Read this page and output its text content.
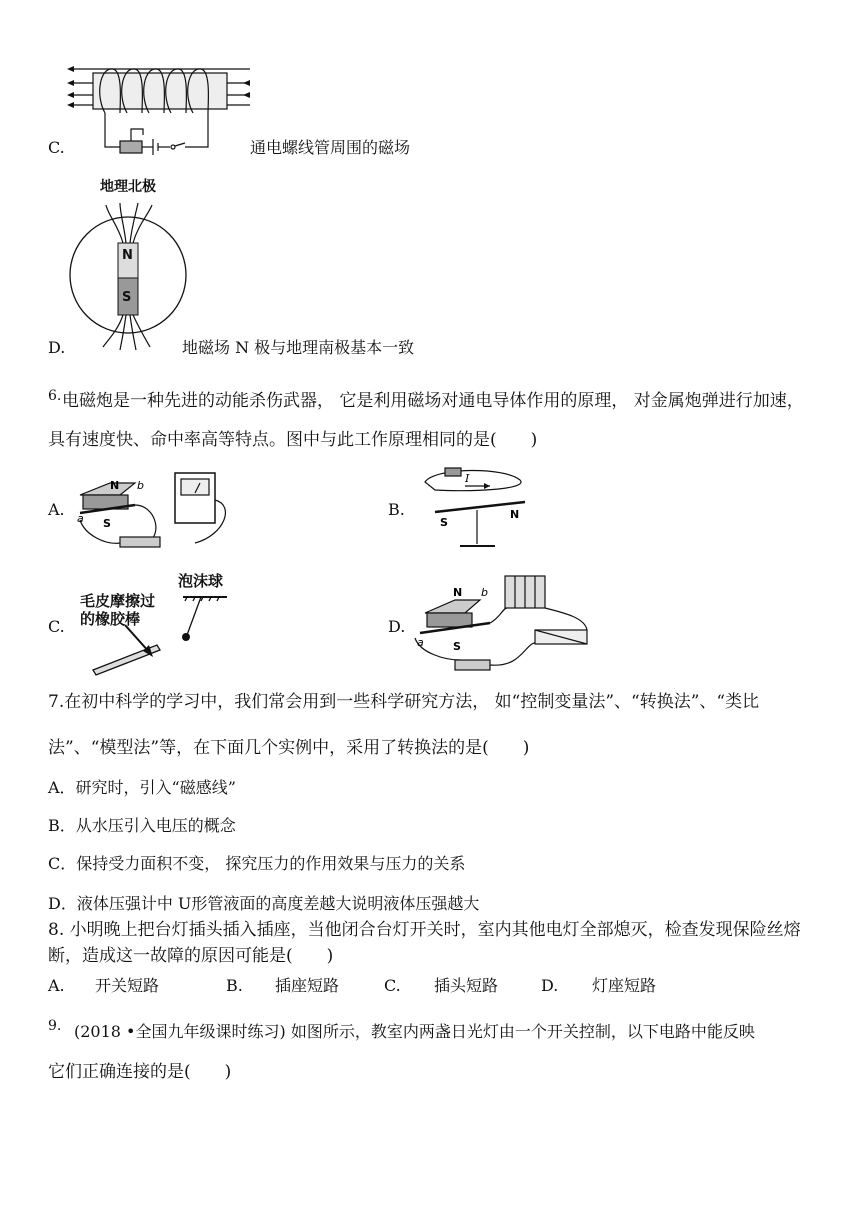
C.	通电螺线管周围的磁场
地理北极
N
S
D.	地磁场 N 极与地理南极基本一致
6. 电磁炮是一种先进的动能杀伤武器， 它是利用磁场对通电导体作用的原理， 对金属炮弹进行加速，
具有速度快、命中率高等特点。图中与此工作原理相同的是(　　)
A.
N b
a S
B.
I
S
N
C.
毛皮摩擦过
的橡胶棒
泡沫球
D.
N b
a	S
7.在初中科学的学习中，我们常会用到一些科学研究方法， 如“控制变量法”、“转换法”、“类比
法”、“模型法”等，在下面几个实例中，采用了转换法的是(　　)
A．研究时，引入“磁感线”
B．从水压引入电压的概念
C．保持受力面积不变， 探究压力的作用效果与压力的关系
D．液体压强计中 U形管液面的高度差越大说明液体压强越大
8. 小明晚上把台灯插头插入插座，当他闭合台灯开关时，室内其他电灯全部熄灭，检查发现保险丝熔
断，造成这一故障的原因可能是(　　)
A. 开关短路	B. 插座短路	C. 插头短路	D. 灯座短路
9. (2018 •全国九年级课时练习) 如图所示，教室内两盏日光灯由一个开关控制，以下电路中能反映
它们正确连接的是(　　)
